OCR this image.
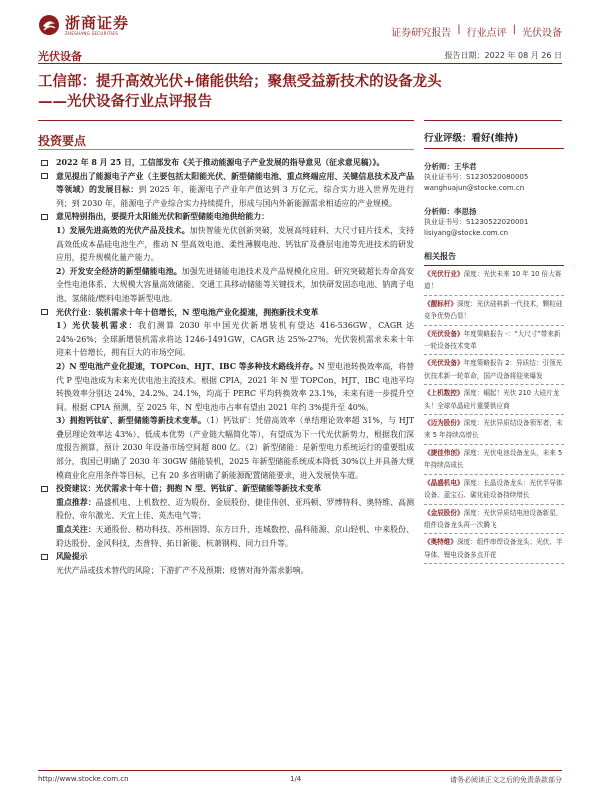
浙商证券
ZHESHANG SECURITIES	证券研究报告 | 行业点评 | 光伏设备
光伏设备	报告日期：2022 年 08 月 26 日
工信部：提升高效光伏+储能供给；聚焦受益新技术的设备龙头
——光伏设备行业点评报告
投资要点
2022 年 8 月 25 日，工信部发布《关于推动能源电子产业发展的指导意见（征求意见稿）》。
意见提出了能源电子产业（主要包括太阳能光伏、新型储能电池、重点终端应用、关键信息技术及产品等领域）的发展目标：到 2025 年，能源电子产业年产值达到 3 万亿元，综合实力进入世界先进行列；到 2030 年，能源电子产业综合实力持续提升，形成与国内外新能源需求相适应的产业规模。
意见特别指出，要提升太阳能光伏和新型储能电池供给能力：
1）发展先进高效的光伏产品及技术。加快智能光伏创新突破，发展高纯硅料、大尺寸硅片技术，支持高效低成本晶硅电池生产，推动 N 型高效电池、柔性薄膜电池、钙钛矿及叠层电池等先进技术的研发应用，提升规模化量产能力。
2）开发安全经济的新型储能电池。加强先进储能电池技术及产品规模化应用。研究突破超长寿命高安全性电池体系、大规模大容量高效储能、交通工具移动储能等关键技术，加快研发固态电池、钠离子电池、氢储能/燃料电池等新型电池。
光伏行业：装机需求十年十倍增长，N 型电池产业化提速，拥抱新技术变革
1）光伏装机需求：我们测算 2030 年中国光伏新增装机有望达 416-536GW，CAGR 达 24%-26%；全球新增装机需求将达 1246-1491GW，CAGR 达 25%-27%。光伏装机需求未来十年迎来十倍增长，拥有巨大的市场空间。
2）N 型电池产业化提速，TOPCon、HJT、IBC 等多种技术路线并存。N 型电池转换效率高，将替代 P 型电池成为未来光伏电池主流技术。根据 CPIA，2021 年 N 型 TOPCon、HJT、IBC 电池平均转换效率分别达 24%、24.2%、24.1%，均高于 PERC 平均转换效率 23.1%，未来有进一步提升空间。根据 CPIA 预测，至 2025 年，N 型电池市占率有望由 2021 年约 3%提升至 40%。
3）拥抱钙钛矿、新型储能等新技术变革。（1）钙钛矿：凭借高效率（单结理论效率超 31%，与 HJT 叠层理论效率达 43%）、低成本优势（产业链大幅简化等），有望成为下一代光伏新势力，根据我们深度报告测算，预计 2030 年设备市场空间超 800 亿。（2）新型储能：是新型电力系统运行的重要组成部分，我国已明确了 2030 年 30GW 储能装机，2025 年新型储能系统成本降低 30%以上并具备大规模商业化应用条件等目标，已有 20 多省明确了新能源配置储能要求，进入发展快车道。
投资建议：光伏需求十年十倍；拥抱 N 型、钙钛矿、新型储能等新技术变革
重点推荐：晶盛机电、上机数控、迈为股份、金辰股份、捷佳伟创、亚玛顿、罗博特科、奥特维、高测股份、帝尔激光、天宜上佳、英杰电气等；
重点关注：天通股份、精功科技、苏州固锝、东方日升、连城数控、晶科能源、京山轻机、中来股份、聆达股份、金风科技、杰普特、拓日新能、杭萧钢构、同力日升等。
风险提示
光伏产品或技术替代的风险；下游扩产不及预期；疫情对海外需求影响。
行业评级：看好(维持)
分析师：王华君
执业证书号：S1230520080005
wanghuajun@stocke.com.cn
分析师：李思扬
执业证书号：S1230522020001
lisiyang@stocke.com.cn
相关报告
《光伏行业》深度：光伏未来 10 年 10 倍大赛道！
《靓标杆》深度：光伏硅料新一代技术，颗粒硅竞争优势凸显！
《光伏设备》年度策略报告 -：“大尺寸”带来新一轮设备技术变革
《光伏设备》年度策略报告 2：异质结：引领光伏技术新一轮革命，国产设备将迎来爆发
《上机数控》深度：崛起！光伏 210 大硅片龙头！全球单晶硅片重要供应商
《迈为股份》深度：光伏异质结设备领军者，未来 5 年持续高增长
《捷佳伟创》深度：光伏电池设备龙头，未来 5 年持续高成长
《晶盛机电》深度：长晶设备龙头：光伏半导体设备、蓝宝石、碳化硅设备持续增长
《金辰股份》深度：光伏异质结电池设备新星，组件设备龙头再一次腾飞
《奥特维》深度：组件串焊设备龙头；光伏、半导体、锂电设备多点开花
http://www.stocke.com.cn	1/4	请务必阅读正文之后的免责条款部分
